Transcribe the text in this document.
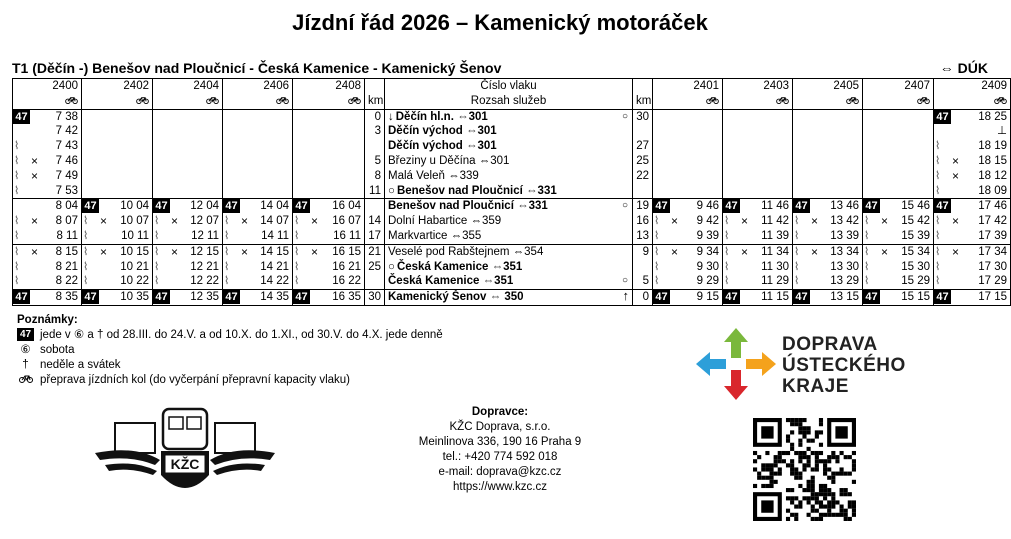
Jízdní řád 2026 – Kamenický motoráček
T1 (Děčín -) Benešov nad Ploučnicí - Česká Kamenice - Kamenický Šenov	⇔ DÚK
2400	2402	2404	2406	2408		Číslo vlaku		2401	2403	2405	2407	2409
					km	Rozsah služeb	km					

47 7 38					0	↓ Děčín hl.n. ⇔301 ○	30					47 18 25
7 42					3	Děčín východ ⇔301						⊥

⌇ 7 43						Děčín východ ⇔301	27					⌇ 18 19

⌇ × 7 46					5	Březiny u Děčína ⇔301	25					⌇ × 18 15

⌇ × 7 49					8	Malá Veleň ⇔339	22					⌇ × 18 12

⌇ 7 53					11	○ Benešov nad Ploučnicí ⇔331						⌇ 18 09
8 04	47 10 04	47 12 04	47 14 04	47 16 04		Benešov nad Ploučnicí ⇔331 ○	19	47 9 46	47 11 46	47 13 46	47 15 46	47 17 46

⌇ × 8 07	⌇ × 10 07	⌇ × 12 07	⌇ × 14 07	⌇ × 16 07	14	Dolní Habartice ⇔359	16	⌇ × 9 42	⌇ × 11 42	⌇ × 13 42	⌇ × 15 42	⌇ × 17 42

⌇ 8 11	⌇ 10 11	⌇ 12 11	⌇ 14 11	⌇ 16 11	17	Markvartice ⇔355	13	⌇ 9 39	⌇ 11 39	⌇ 13 39	⌇ 15 39	⌇ 17 39

⌇ × 8 15	⌇ × 10 15	⌇ × 12 15	⌇ × 14 15	⌇ × 16 15	21	Veselé pod Rabštejnem ⇔354	9	⌇ × 9 34	⌇ × 11 34	⌇ × 13 34	⌇ × 15 34	⌇ × 17 34

⌇ 8 21	⌇ 10 21	⌇ 12 21	⌇ 14 21	⌇ 16 21	25	○ Česká Kamenice ⇔351		⌇ 9 30	⌇ 11 30	⌇ 13 30	⌇ 15 30	⌇ 17 30

⌇ 8 22	⌇ 10 22	⌇ 12 22	⌇ 14 22	⌇ 16 22		Česká Kamenice ⇔351 ○	5	⌇ 9 29	⌇ 11 29	⌇ 13 29	⌇ 15 29	⌇ 17 29

47 8 35	47 10 35	47 12 35	47 14 35	47 16 35	30	Kamenický Šenov ⇔ 350 ↑	0	47 9 15	47 11 15	47 13 15	47 15 15	47 17 15
Poznámky:
47 jede v ⑥ a † od 28.III. do 24.V. a od 10.X. do 1.XI., od 30.V. do 4.X. jede denně
⑥ sobota
† neděle a svátek
přeprava jízdních kol (do vyčerpání přepravní kapacity vlaku)
KŽC
Dopravce:
KŽC Doprava, s.r.o.
Meinlinova 336, 190 16 Praha 9
tel.: +420 774 592 018
e-mail: doprava@kzc.cz
https://www.kzc.cz
DOPRAVA
ÚSTECKÉHO
KRAJE
